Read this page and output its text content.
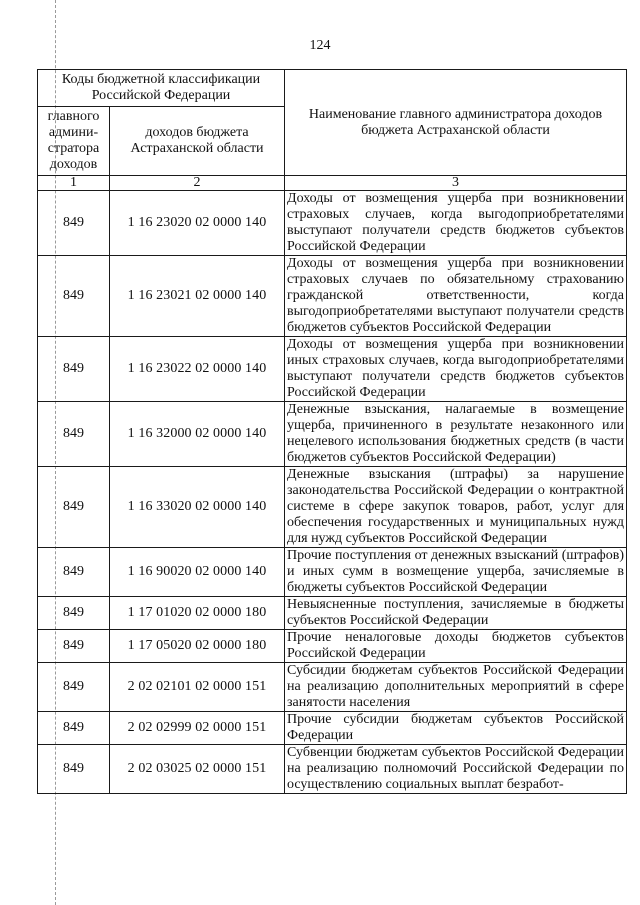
124
Коды бюджетной классификации Российской Федерации		Наименование главного администратора доходов бюджета Астраханской области
главного админи-стратора доходов	доходов бюджета Астраханской области	
1	2	3
849	1 16 23020 02 0000 140	Доходы от возмещения ущерба при возникновении страховых случаев, когда выгодоприобретателями выступают получатели средств бюджетов субъектов Российской Федерации
849	1 16 23021 02 0000 140	Доходы от возмещения ущерба при возникновении страховых случаев по обязательному страхованию гражданской ответственности, когда выгодоприобретателями выступают получатели средств бюджетов субъектов Российской Федерации
849	1 16 23022 02 0000 140	Доходы от возмещения ущерба при возникновении иных страховых случаев, когда выгодоприобретателями выступают получатели средств бюджетов субъектов Российской Федерации
849	1 16 32000 02 0000 140	Денежные взыскания, налагаемые в возмещение ущерба, причиненного в результате незаконного или нецелевого использования бюджетных средств (в части бюджетов субъектов Российской Федерации)
849	1 16 33020 02 0000 140	Денежные взыскания (штрафы) за нарушение законодательства Российской Федерации о контрактной системе в сфере закупок товаров, работ, услуг для обеспечения государственных и муниципальных нужд для нужд субъектов Российской Федерации
849	1 16 90020 02 0000 140	Прочие поступления от денежных взысканий (штрафов) и иных сумм в возмещение ущерба, зачисляемые в бюджеты субъектов Российской Федерации
849	1 17 01020 02 0000 180	Невыясненные поступления, зачисляемые в бюджеты субъектов Российской Федерации
849	1 17 05020 02 0000 180	Прочие неналоговые доходы бюджетов субъектов Российской Федерации
849	2 02 02101 02 0000 151	Субсидии бюджетам субъектов Российской Федерации на реализацию дополнительных мероприятий в сфере занятости населения
849	2 02 02999 02 0000 151	Прочие субсидии бюджетам субъектов Российской Федерации
849	2 02 03025 02 0000 151	Субвенции бюджетам субъектов Российской Федерации на реализацию полномочий Российской Федерации по осуществлению социальных выплат безработ-
